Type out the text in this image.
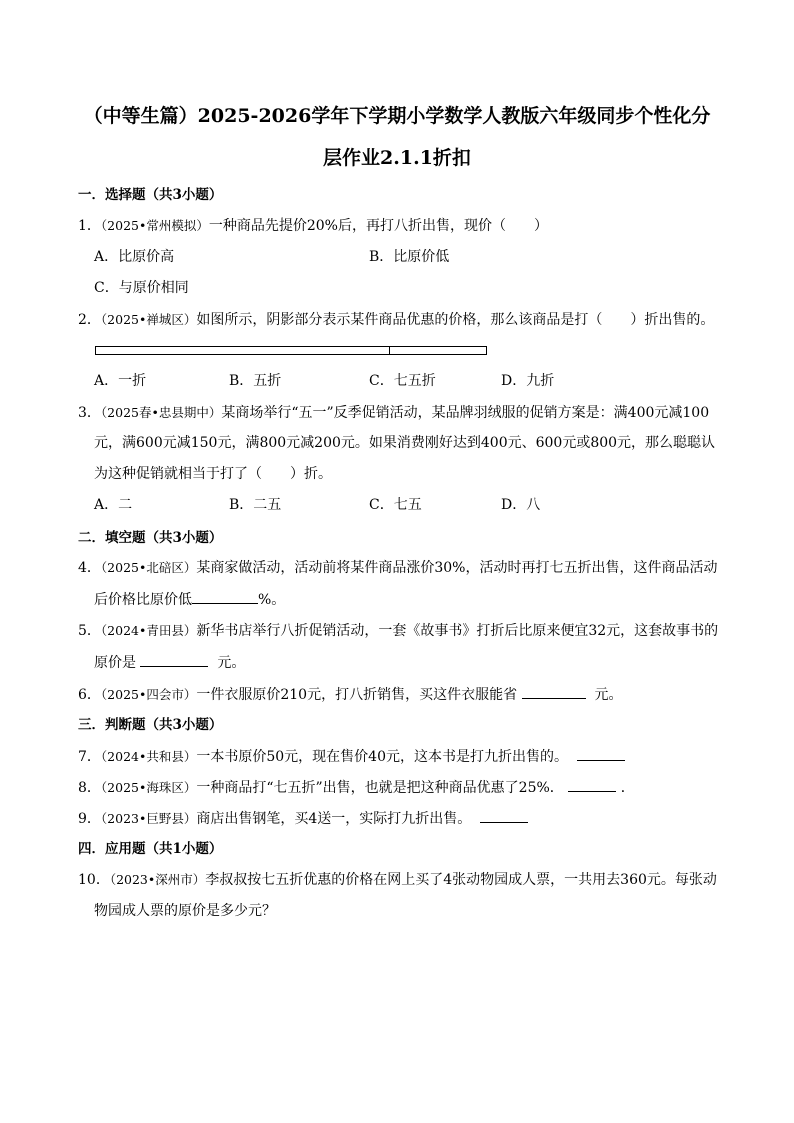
（中等生篇）2025-2026学年下学期小学数学人教版六年级同步个性化分
层作业2.1.1折扣
一．选择题（共3小题）
1．（2025•常州模拟）一种商品先提价20%后，再打八折出售，现价（　　）
A．比原价高	B．比原价低
C．与原价相同
2．（2025•禅城区）如图所示，阴影部分表示某件商品优惠的价格，那么该商品是打（　　）折出售的。
A．一折	B．五折	C．七五折	D．九折
3．（2025春•忠县期中）某商场举行“五一”反季促销活动，某品牌羽绒服的促销方案是：满400元减100
元，满600元减150元，满800元减200元。如果消费刚好达到400元、600元或800元，那么聪聪认
为这种促销就相当于打了（　　）折。
A．二	B．二五	C．七五	D．八
二．填空题（共3小题）
4．（2025•北碚区）某商家做活动，活动前将某件商品涨价30%，活动时再打七五折出售，这件商品活动
后价格比原价低	%。
5．（2024•青田县）新华书店举行八折促销活动，一套《故事书》打折后比原来便宜32元，这套故事书的
原价是	元。
6．（2025•四会市）一件衣服原价210元，打八折销售，买这件衣服能省	元。
三．判断题（共3小题）
7．（2024•共和县）一本书原价50元，现在售价40元，这本书是打九折出售的。
8．（2025•海珠区）一种商品打“七五折”出售，也就是把这种商品优惠了25%．	．
9．（2023•巨野县）商店出售钢笔，买4送一，实际打九折出售。
四．应用题（共1小题）
10．（2023•深州市）李叔叔按七五折优惠的价格在网上买了4张动物园成人票，一共用去360元。每张动
物园成人票的原价是多少元？
